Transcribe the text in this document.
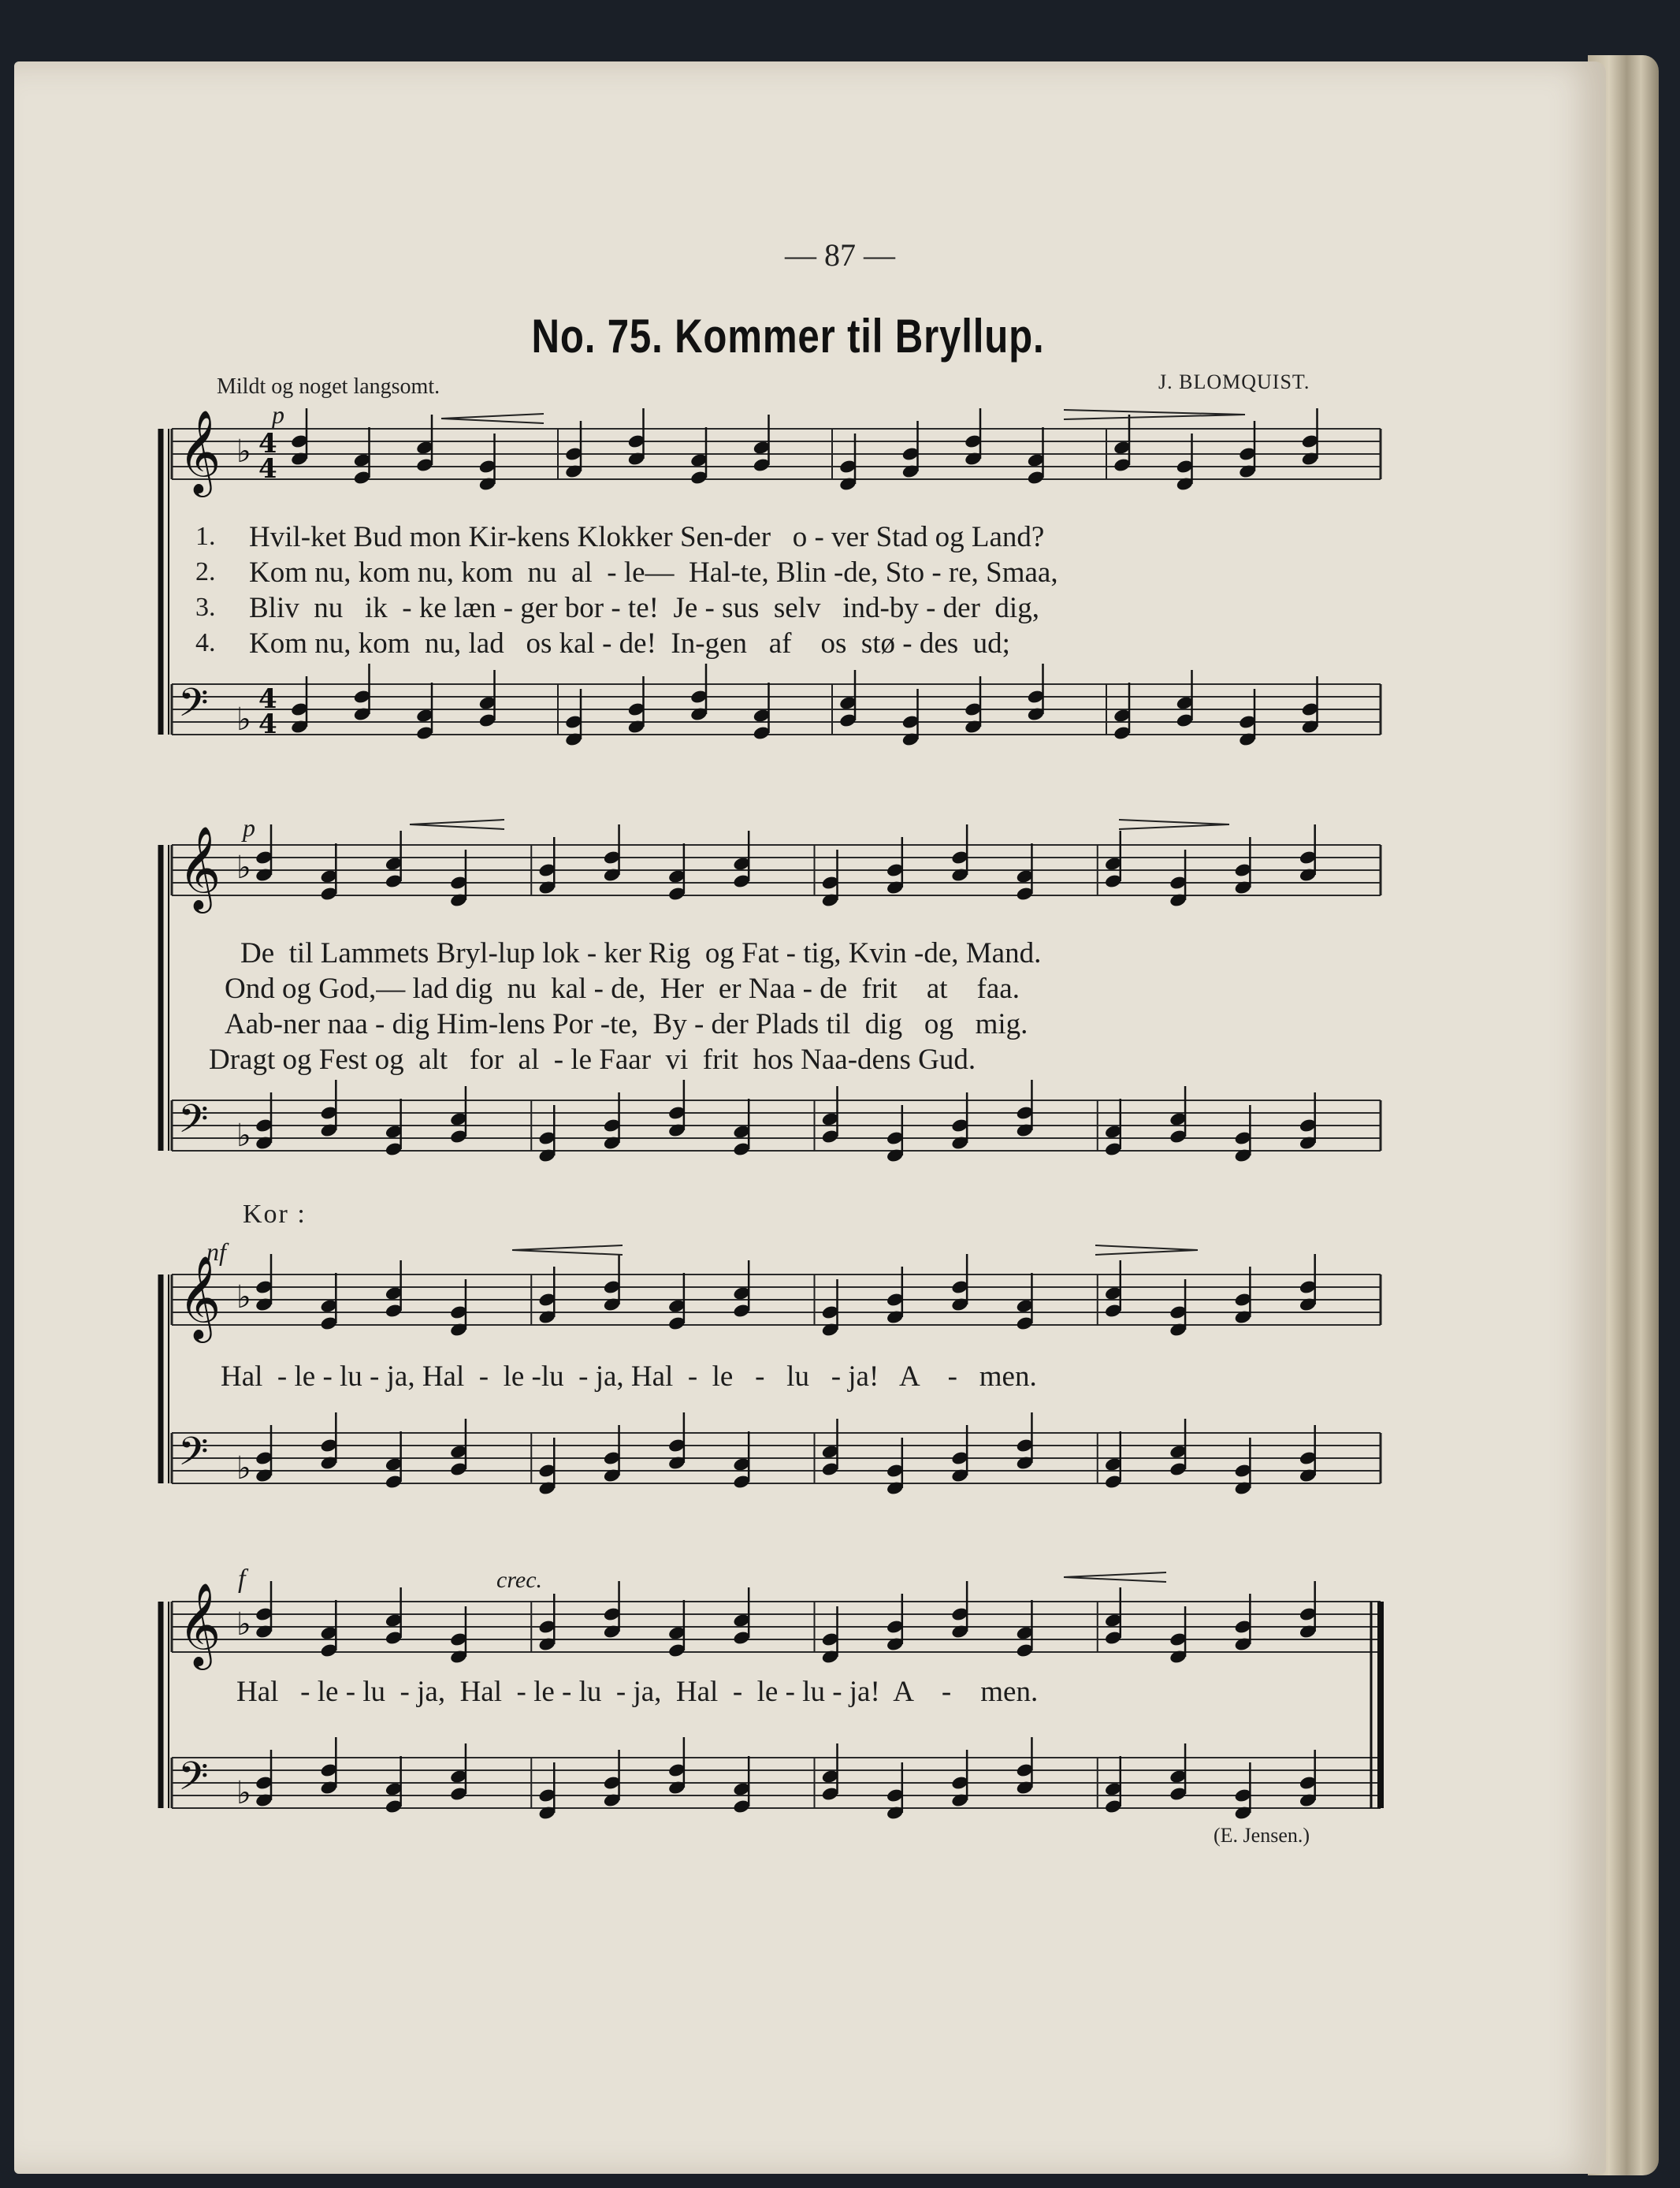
— 87 —
No. 75. Kommer til Bryllup.
Mildt og noget langsomt.	J. BLOMQUIST.
1.
2.
3.
4.
Hvil-ket Bud mon Kir-kens Klokker Sen-der   o - ver Stad og Land?
Kom nu, kom nu, kom  nu  al  - le—  Hal-te, Blin -de, Sto - re, Smaa,
Bliv  nu   ik  - ke læn - ger bor - te!  Je - sus  selv   ind-by - der  dig,
Kom nu, kom  nu, lad   os kal - de!  In-gen   af    os  stø - des  ud;
De  til Lammets Bryl-lup lok - ker Rig  og Fat - tig, Kvin -de, Mand.
Ond og God,— lad dig  nu  kal - de,  Her  er Naa - de  frit    at    faa.
Aab-ner naa - dig Him-lens Por -te,  By - der Plads til  dig   og   mig.
Dragt og Fest og  alt   for  al  - le Faar  vi  frit  hos Naa-dens Gud.
Kor :
Hal  - le - lu - ja, Hal  -  le -lu  - ja, Hal  -  le   -   lu   - ja!   A    -   men.
Hal   - le - lu  - ja,  Hal  - le - lu  - ja,  Hal  -  le - lu - ja!  A    -    men.
(E. Jensen.)
p
p
nf
f	crec.
𝄞 ♭
𝄢 ♭
4
4
4
4
𝄞 ♭
𝄢 ♭
𝄞 ♭
𝄢 ♭
𝄞 ♭
𝄢 ♭
